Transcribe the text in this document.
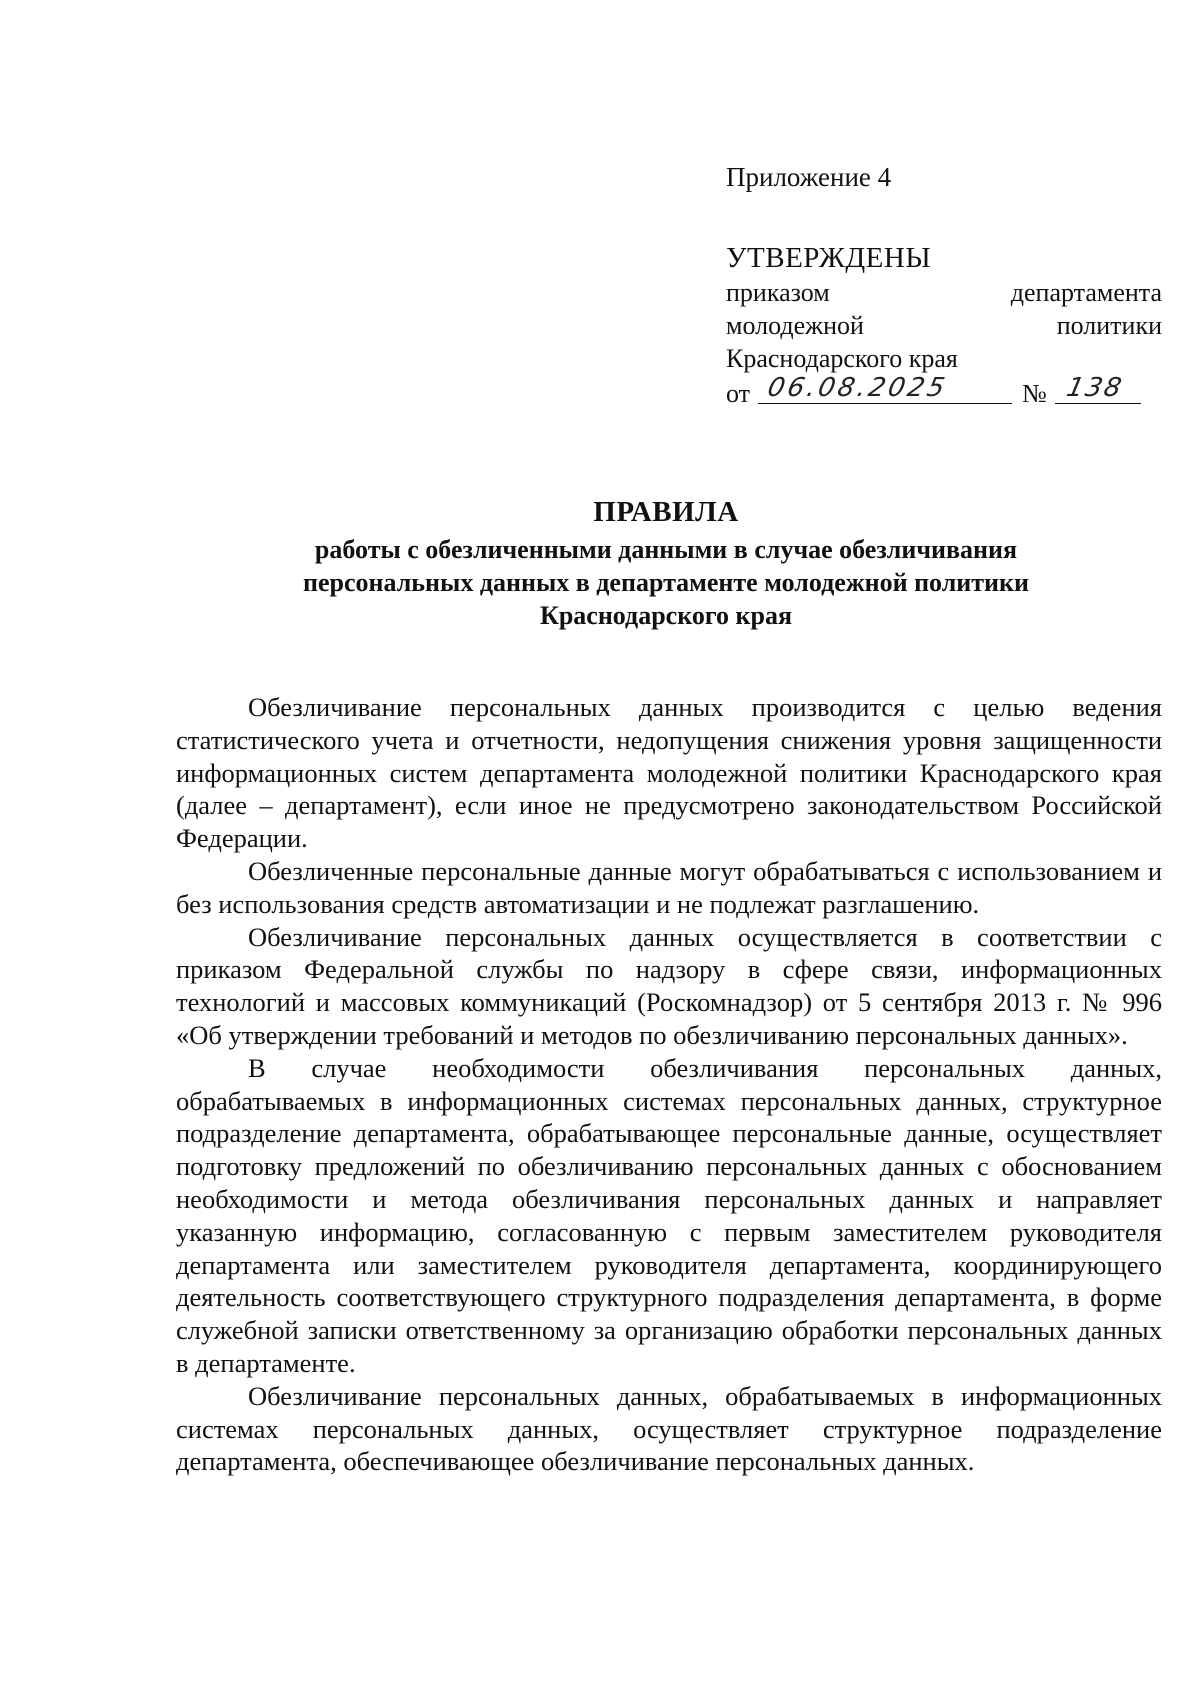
Приложение 4
УТВЕРЖДЕНЫ
приказом	департамента
молодежной	политики
Краснодарского края
от 06.08.2025	№ 138
ПРАВИЛА
работы с обезличенными данными в случае обезличивания
персональных данных в департаменте молодежной политики
Краснодарского края

Обезличивание персональных данных производится с целью ведения статистического учета и отчетности, недопущения снижения уровня защищенности информационных систем департамента молодежной политики Краснодарского края (далее – департамент), если иное не предусмотрено законодательством Российской Федерации.

Обезличенные персональные данные могут обрабатываться с использованием и без использования средств автоматизации и не подлежат разглашению.

Обезличивание персональных данных осуществляется в соответствии с приказом Федеральной службы по надзору в сфере связи, информационных технологий и массовых коммуникаций (Роскомнадзор) от 5 сентября 2013 г. № 996 «Об утверждении требований и методов по обезличиванию персональных данных».

В случае необходимости обезличивания персональных данных, обрабатываемых в информационных системах персональных данных, структурное подразделение департамента, обрабатывающее персональные данные, осуществляет подготовку предложений по обезличиванию персональных данных с обоснованием необходимости и метода обезличивания персональных данных и направляет указанную информацию, согласованную с первым заместителем руководителя департамента или заместителем руководителя департамента, координирующего деятельность соответствующего структурного подразделения департамента, в форме служебной записки ответственному за организацию обработки персональных данных в департаменте.

Обезличивание персональных данных, обрабатываемых в информационных системах персональных данных, осуществляет структурное подразделение департамента, обеспечивающее обезличивание персональных данных.
